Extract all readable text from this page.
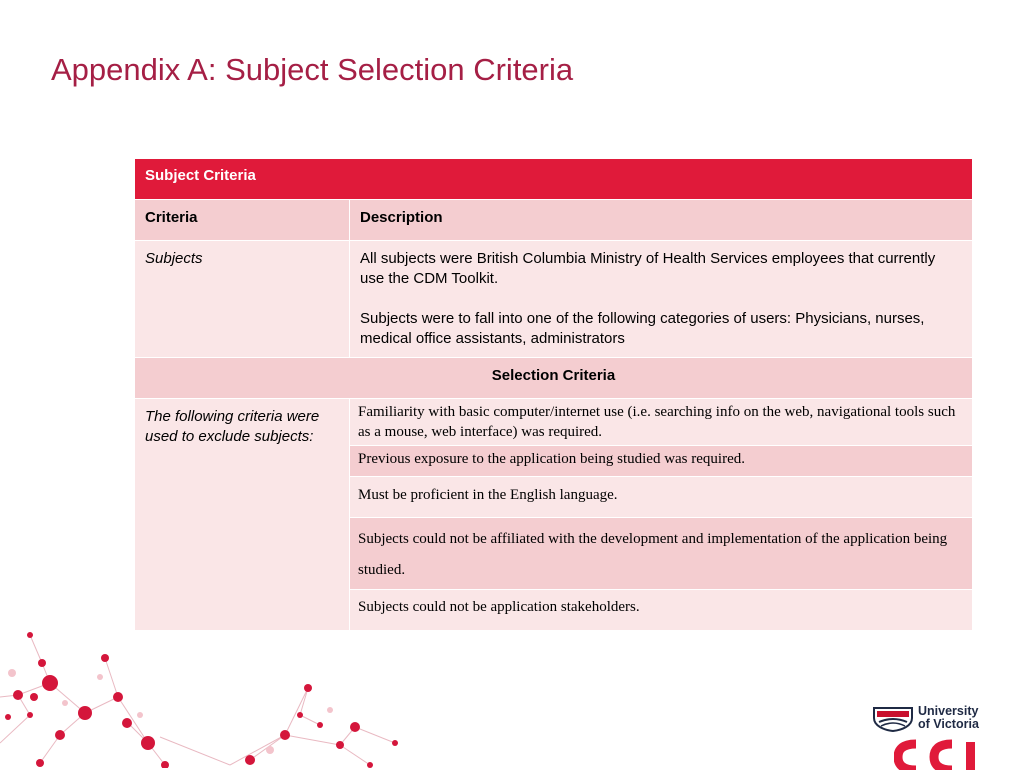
Appendix A: Subject Selection Criteria
Subject Criteria	
Criteria	Description
Subjects	All subjects were British Columbia Ministry of Health Services employees that currently use the CDM Toolkit.

Subjects were to fall into one of the following categories of users: Physicians, nurses, medical office assistants, administrators

Selection Criteria	
The following criteria were used to exclude subjects:	Familiarity with basic computer/internet use (i.e. searching info on the web, navigational tools such as a mouse, web interface) was required.
	Previous exposure to the application being studied was required.
	Must be proficient in the English language.
	Subjects could not be affiliated with the development and implementation of the application being studied.
	Subjects could not be application stakeholders.
University
of Victoria
